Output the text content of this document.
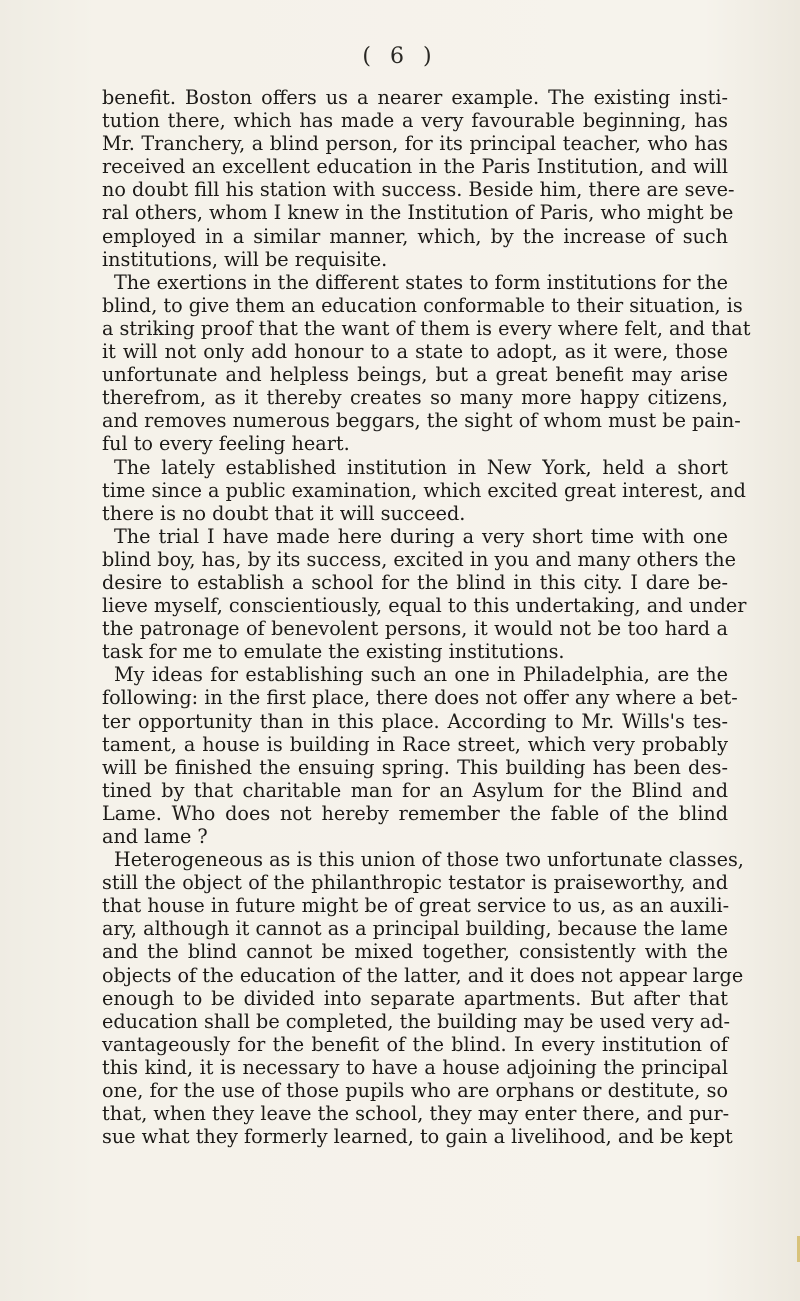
( 6 )
benefit. Boston offers us a nearer example. The existing insti-
tution there, which has made a very favourable beginning, has
Mr. Tranchery, a blind person, for its principal teacher, who has
received an excellent education in the Paris Institution, and will
no doubt fill his station with success. Beside him, there are seve-
ral others, whom I knew in the Institution of Paris, who might be
employed in a similar manner, which, by the increase of such
institutions, will be requisite.
The exertions in the different states to form institutions for the
blind, to give them an education conformable to their situation, is
a striking proof that the want of them is every where felt, and that
it will not only add honour to a state to adopt, as it were, those
unfortunate and helpless beings, but a great benefit may arise
therefrom, as it thereby creates so many more happy citizens,
and removes numerous beggars, the sight of whom must be pain-
ful to every feeling heart.
The lately established institution in New York, held a short
time since a public examination, which excited great interest, and
there is no doubt that it will succeed.
The trial I have made here during a very short time with one
blind boy, has, by its success, excited in you and many others the
desire to establish a school for the blind in this city. I dare be-
lieve myself, conscientiously, equal to this undertaking, and under
the patronage of benevolent persons, it would not be too hard a
task for me to emulate the existing institutions.
My ideas for establishing such an one in Philadelphia, are the
following: in the first place, there does not offer any where a bet-
ter opportunity than in this place. According to Mr. Wills's tes-
tament, a house is building in Race street, which very probably
will be finished the ensuing spring. This building has been des-
tined by that charitable man for an Asylum for the Blind and
Lame. Who does not hereby remember the fable of the blind
and lame ?
Heterogeneous as is this union of those two unfortunate classes,
still the object of the philanthropic testator is praiseworthy, and
that house in future might be of great service to us, as an auxili-
ary, although it cannot as a principal building, because the lame
and the blind cannot be mixed together, consistently with the
objects of the education of the latter, and it does not appear large
enough to be divided into separate apartments. But after that
education shall be completed, the building may be used very ad-
vantageously for the benefit of the blind. In every institution of
this kind, it is necessary to have a house adjoining the principal
one, for the use of those pupils who are orphans or destitute, so
that, when they leave the school, they may enter there, and pur-
sue what they formerly learned, to gain a livelihood, and be kept
